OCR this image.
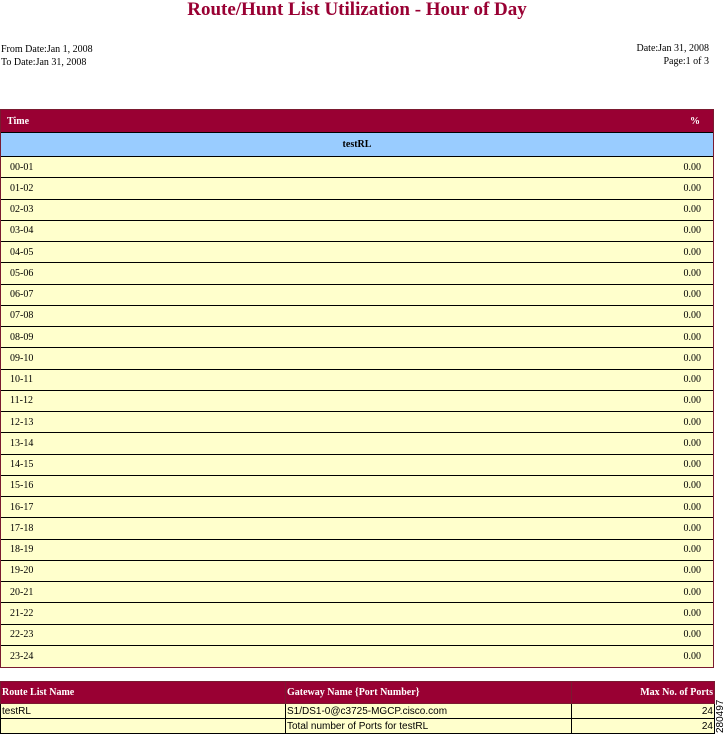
Route/Hunt List Utilization - Hour of Day
From Date:Jan 1, 2008
To Date:Jan 31, 2008
Date:Jan 31, 2008
Page:1 of 3
Time	%
testRL
00-01	0.00
01-02	0.00
02-03	0.00
03-04	0.00
04-05	0.00
05-06	0.00
06-07	0.00
07-08	0.00
08-09	0.00
09-10	0.00
10-11	0.00
11-12	0.00
12-13	0.00
13-14	0.00
14-15	0.00
15-16	0.00
16-17	0.00
17-18	0.00
18-19	0.00
19-20	0.00
20-21	0.00
21-22	0.00
22-23	0.00
23-24	0.00
Route List Name	Gateway Name {Port Number}	Max No. of Ports
testRL	S1/DS1-0@c3725-MGCP.cisco.com	24
	Total number of Ports for testRL	24 280497
